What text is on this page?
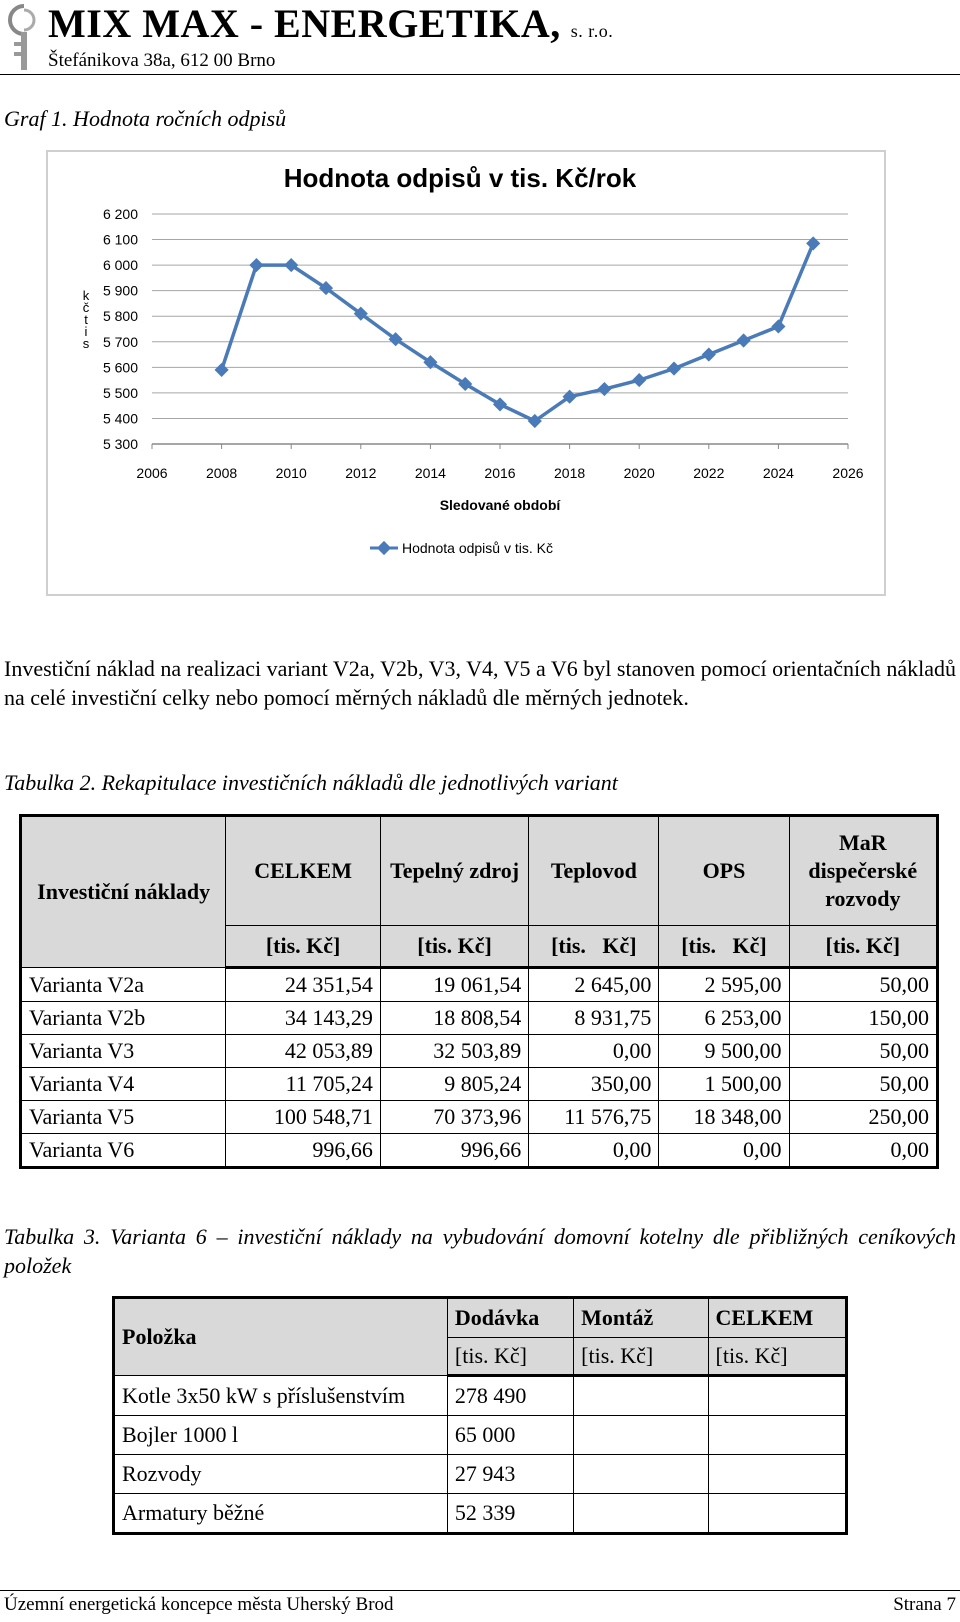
MIX MAX - ENERGETIKA, s. r.o.
Štefánikova 38a, 612 00 Brno
Graf 1. Hodnota ročních odpisů
5 300
5 400
5 500
5 600
5 700
5 800
5 900
6 000
6 100
6 200
2006	2008	2010	2012	2014	2016	2018	2020	2022	2024	2026
Hodnota odpisů v tis. Kč/rok
Sledované období
k
č
t
i
s
Hodnota odpisů v tis. Kč
Investiční náklad na realizaci variant V2a, V2b, V3, V4, V5 a V6 byl stanoven pomocí orientačních nákladů na celé investiční celky nebo pomocí měrných nákladů dle měrných jednotek.
Tabulka 2. Rekapitulace investičních nákladů dle jednotlivých variant
Investiční náklady	CELKEM	Tepelný zdroj	Teplovod	OPS	MaR dispečerské rozvody
	[tis. Kč]	[tis. Kč]	[tis.   Kč]	[tis.   Kč]	[tis. Kč]
Varianta V2a	24 351,54	19 061,54	2 645,00	2 595,00	50,00
Varianta V2b	34 143,29	18 808,54	8 931,75	6 253,00	150,00
Varianta V3	42 053,89	32 503,89	0,00	9 500,00	50,00
Varianta V4	11 705,24	9 805,24	350,00	1 500,00	50,00
Varianta V5	100 548,71	70 373,96	11 576,75	18 348,00	250,00
Varianta V6	996,66	996,66	0,00	0,00	0,00
Tabulka 3. Varianta 6 – investiční náklady na vybudování domovní kotelny dle přibližných ceníkových položek
Položka	Dodávka	Montáž	CELKEM
	[tis. Kč]	[tis. Kč]	[tis. Kč]
Kotle 3x50 kW s příslušenstvím	278 490		
Bojler 1000 l	65 000		
Rozvody	27 943		
Armatury běžné	52 339		
Územní energetická koncepce města Uherský Brod	Strana 7
